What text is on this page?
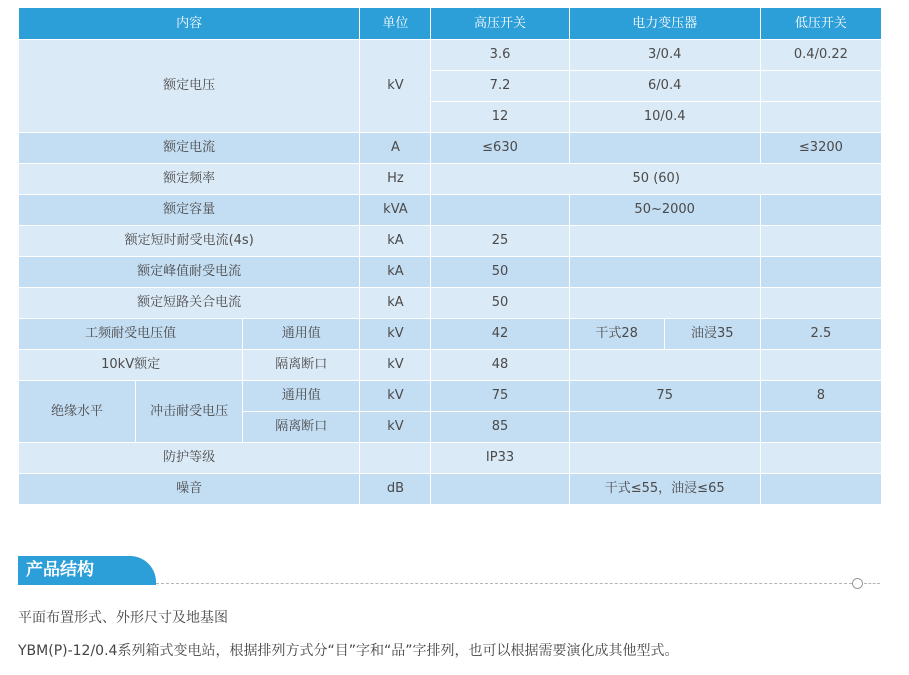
内容			单位	高压开关	电力变压器		低压开关
额定电压			kV	3.6	3/0.4		0.4/0.22
				7.2	6/0.4		
				12	10/0.4		
额定电流			A	≤630			≤3200
额定频率			Hz	50 (60)			
额定容量			kVA		50~2000		
额定短时耐受电流(4s)			kA	25			
额定峰值耐受电流			kA	50			
额定短路关合电流			kA	50			
工频耐受电压值		通用值	kV	42	干式28	油浸35	2.5
10kV额定		隔离断口	kV	48			
绝缘水平	冲击耐受电压	通用值	kV	75	75		8
		隔离断口	kV	85			
防护等级				IP33			
噪音			dB		干式≤55，油浸≤65		
产品结构
平面布置形式、外形尺寸及地基图
YBM(P)-12/0.4系列箱式变电站，根据排列方式分“目”字和“品”字排列，也可以根据需要演化成其他型式。
